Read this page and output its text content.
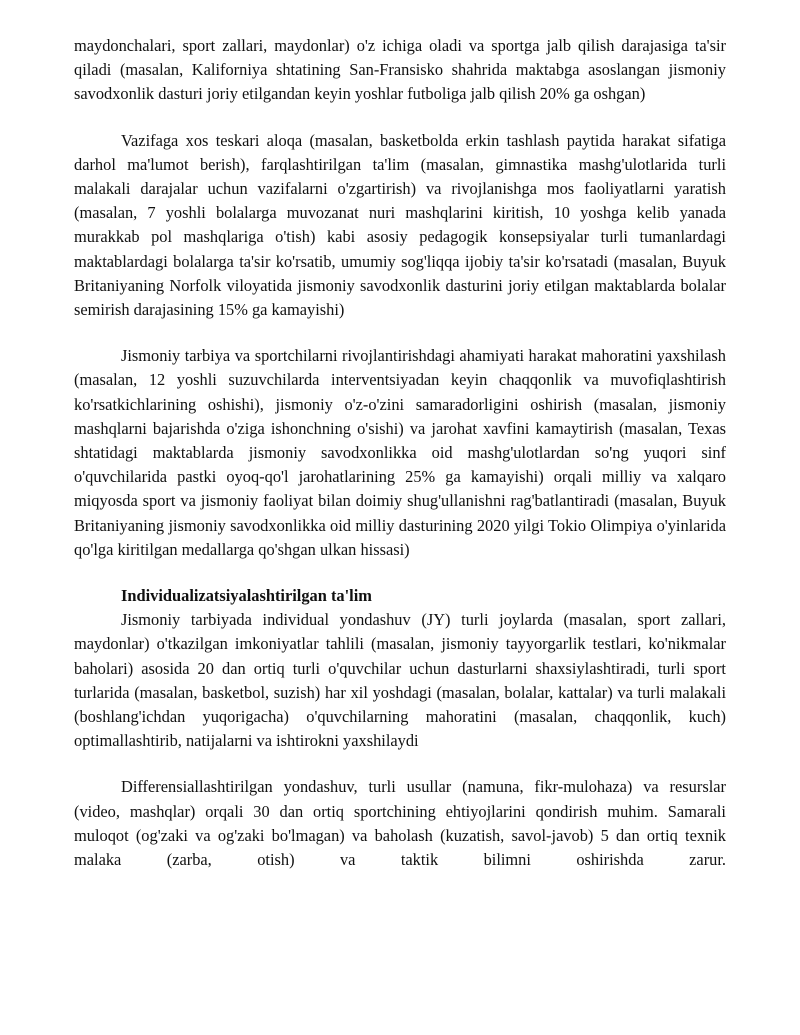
maydonchalari, sport zallari, maydonlar) o'z ichiga oladi va sportga jalb qilish darajasiga ta'sir qiladi (masalan, Kaliforniya shtatining San-Fransisko shahrida maktabga asoslangan jismoniy savodxonlik dasturi joriy etilgandan keyin yoshlar futboliga jalb qilish 20% ga oshgan)

Vazifaga xos teskari aloqa (masalan, basketbolda erkin tashlash paytida harakat sifatiga darhol ma'lumot berish), farqlashtirilgan ta'lim (masalan, gimnastika mashg'ulotlarida turli malakali darajalar uchun vazifalarni o'zgartirish) va rivojlanishga mos faoliyatlarni yaratish (masalan, 7 yoshli bolalarga muvozanat nuri mashqlarini kiritish, 10 yoshga kelib yanada murakkab pol mashqlariga o'tish) kabi asosiy pedagogik konsepsiyalar turli tumanlardagi maktablardagi bolalarga ta'sir ko'rsatib, umumiy sog'liqqa ijobiy ta'sir ko'rsatadi (masalan, Buyuk Britaniyaning Norfolk viloyatida jismoniy savodxonlik dasturini joriy etilgan maktablarda bolalar semirish darajasining 15% ga kamayishi)

Jismoniy tarbiya va sportchilarni rivojlantirishdagi ahamiyati harakat mahoratini yaxshilash (masalan, 12 yoshli suzuvchilarda interventsiyadan keyin chaqqonlik va muvofiqlashtirish ko'rsatkichlarining oshishi), jismoniy o'z-o'zini samaradorligini oshirish (masalan, jismoniy mashqlarni bajarishda o'ziga ishonchning o'sishi) va jarohat xavfini kamaytirish (masalan, Texas shtatidagi maktablarda jismoniy savodxonlikka oid mashg'ulotlardan so'ng yuqori sinf o'quvchilarida pastki oyoq-qo'l jarohatlarining 25% ga kamayishi) orqali milliy va xalqaro miqyosda sport va jismoniy faoliyat bilan doimiy shug'ullanishni rag'batlantiradi (masalan, Buyuk Britaniyaning jismoniy savodxonlikka oid milliy dasturining 2020 yilgi Tokio Olimpiya o'yinlarida qo'lga kiritilgan medallarga qo'shgan ulkan hissasi)

Individualizatsiyalashtirilgan ta'lim

Jismoniy tarbiyada individual yondashuv (JY) turli joylarda (masalan, sport zallari, maydonlar) o'tkazilgan imkoniyatlar tahlili (masalan, jismoniy tayyorgarlik testlari, ko'nikmalar baholari) asosida 20 dan ortiq turli o'quvchilar uchun dasturlarni shaxsiylashtiradi, turli sport turlarida (masalan, basketbol, suzish) har xil yoshdagi (masalan, bolalar, kattalar) va turli malakali (boshlang'ichdan yuqorigacha) o'quvchilarning mahoratini (masalan, chaqqonlik, kuch) optimallashtirib, natijalarni va ishtirokni yaxshilaydi

Differensiallashtirilgan yondashuv, turli usullar (namuna, fikr-mulohaza) va resurslar (video, mashqlar) orqali 30 dan ortiq sportchining ehtiyojlarini qondirish muhim. Samarali muloqot (og'zaki va og'zaki bo'lmagan) va baholash (kuzatish, savol-javob) 5 dan ortiq texnik malaka (zarba, otish) va taktik bilimni oshirishda zarur.
